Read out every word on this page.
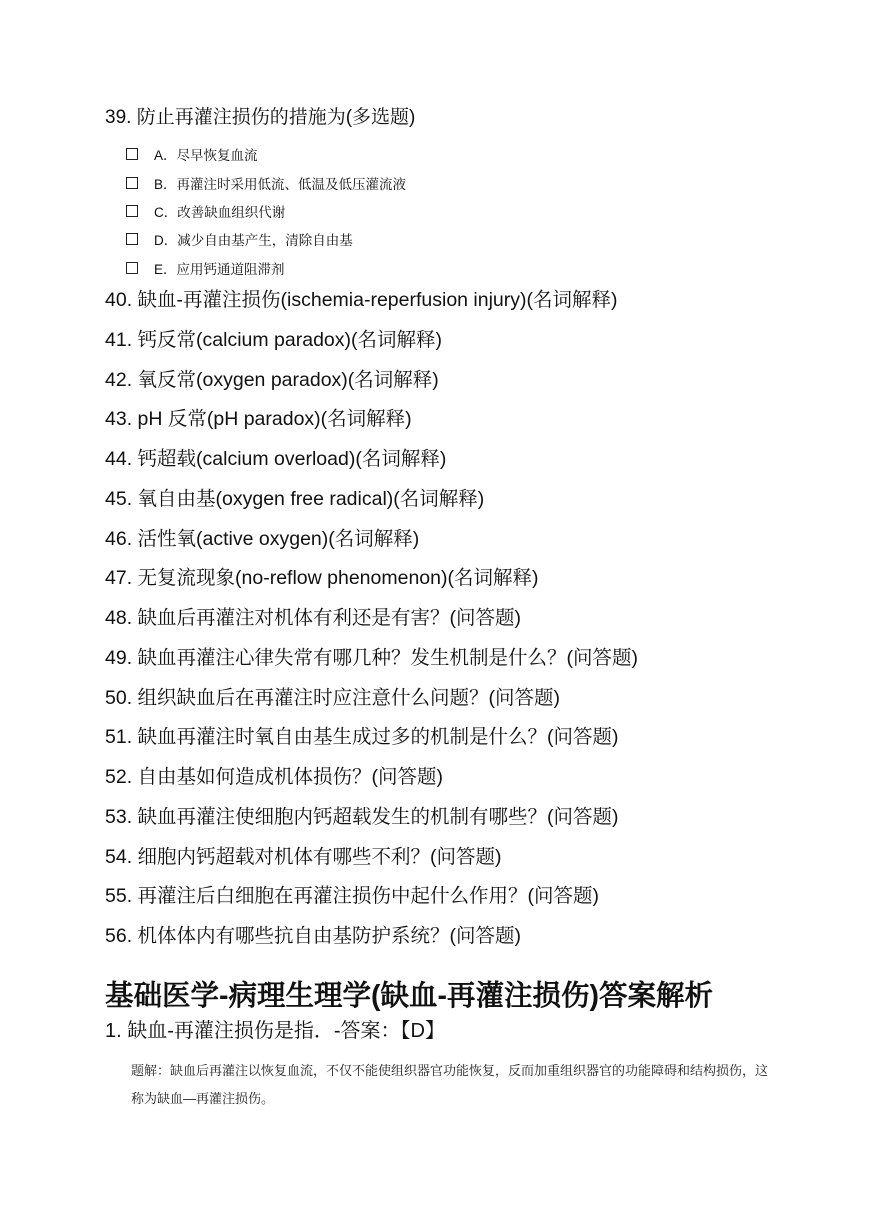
39. 防止再灌注损伤的措施为(多选题)
A．尽早恢复血流
B．再灌注时采用低流、低温及低压灌流液
C．改善缺血组织代谢
D．减少自由基产生，清除自由基
E．应用钙通道阻滞剂
40. 缺血-再灌注损伤(ischemia-reperfusion injury)(名词解释)
41. 钙反常(calcium paradox)(名词解释)
42. 氧反常(oxygen paradox)(名词解释)
43. pH 反常(pH paradox)(名词解释)
44. 钙超载(calcium overload)(名词解释)
45. 氧自由基(oxygen free radical)(名词解释)
46. 活性氧(active oxygen)(名词解释)
47. 无复流现象(no-reflow phenomenon)(名词解释)
48. 缺血后再灌注对机体有利还是有害？(问答题)
49. 缺血再灌注心律失常有哪几种？发生机制是什么？(问答题)
50. 组织缺血后在再灌注时应注意什么问题？(问答题)
51. 缺血再灌注时氧自由基生成过多的机制是什么？(问答题)
52. 自由基如何造成机体损伤？(问答题)
53. 缺血再灌注使细胞内钙超载发生的机制有哪些？(问答题)
54. 细胞内钙超载对机体有哪些不利？(问答题)
55. 再灌注后白细胞在再灌注损伤中起什么作用？(问答题)
56. 机体体内有哪些抗自由基防护系统？(问答题)
基础医学-病理生理学(缺血-再灌注损伤)答案解析
1. 缺血-再灌注损伤是指．-答案：【D】
题解：缺血后再灌注以恢复血流，不仅不能使组织器官功能恢复，反而加重组织器官的功能障碍和结构损伤，这称为缺血—再灌注损伤。
